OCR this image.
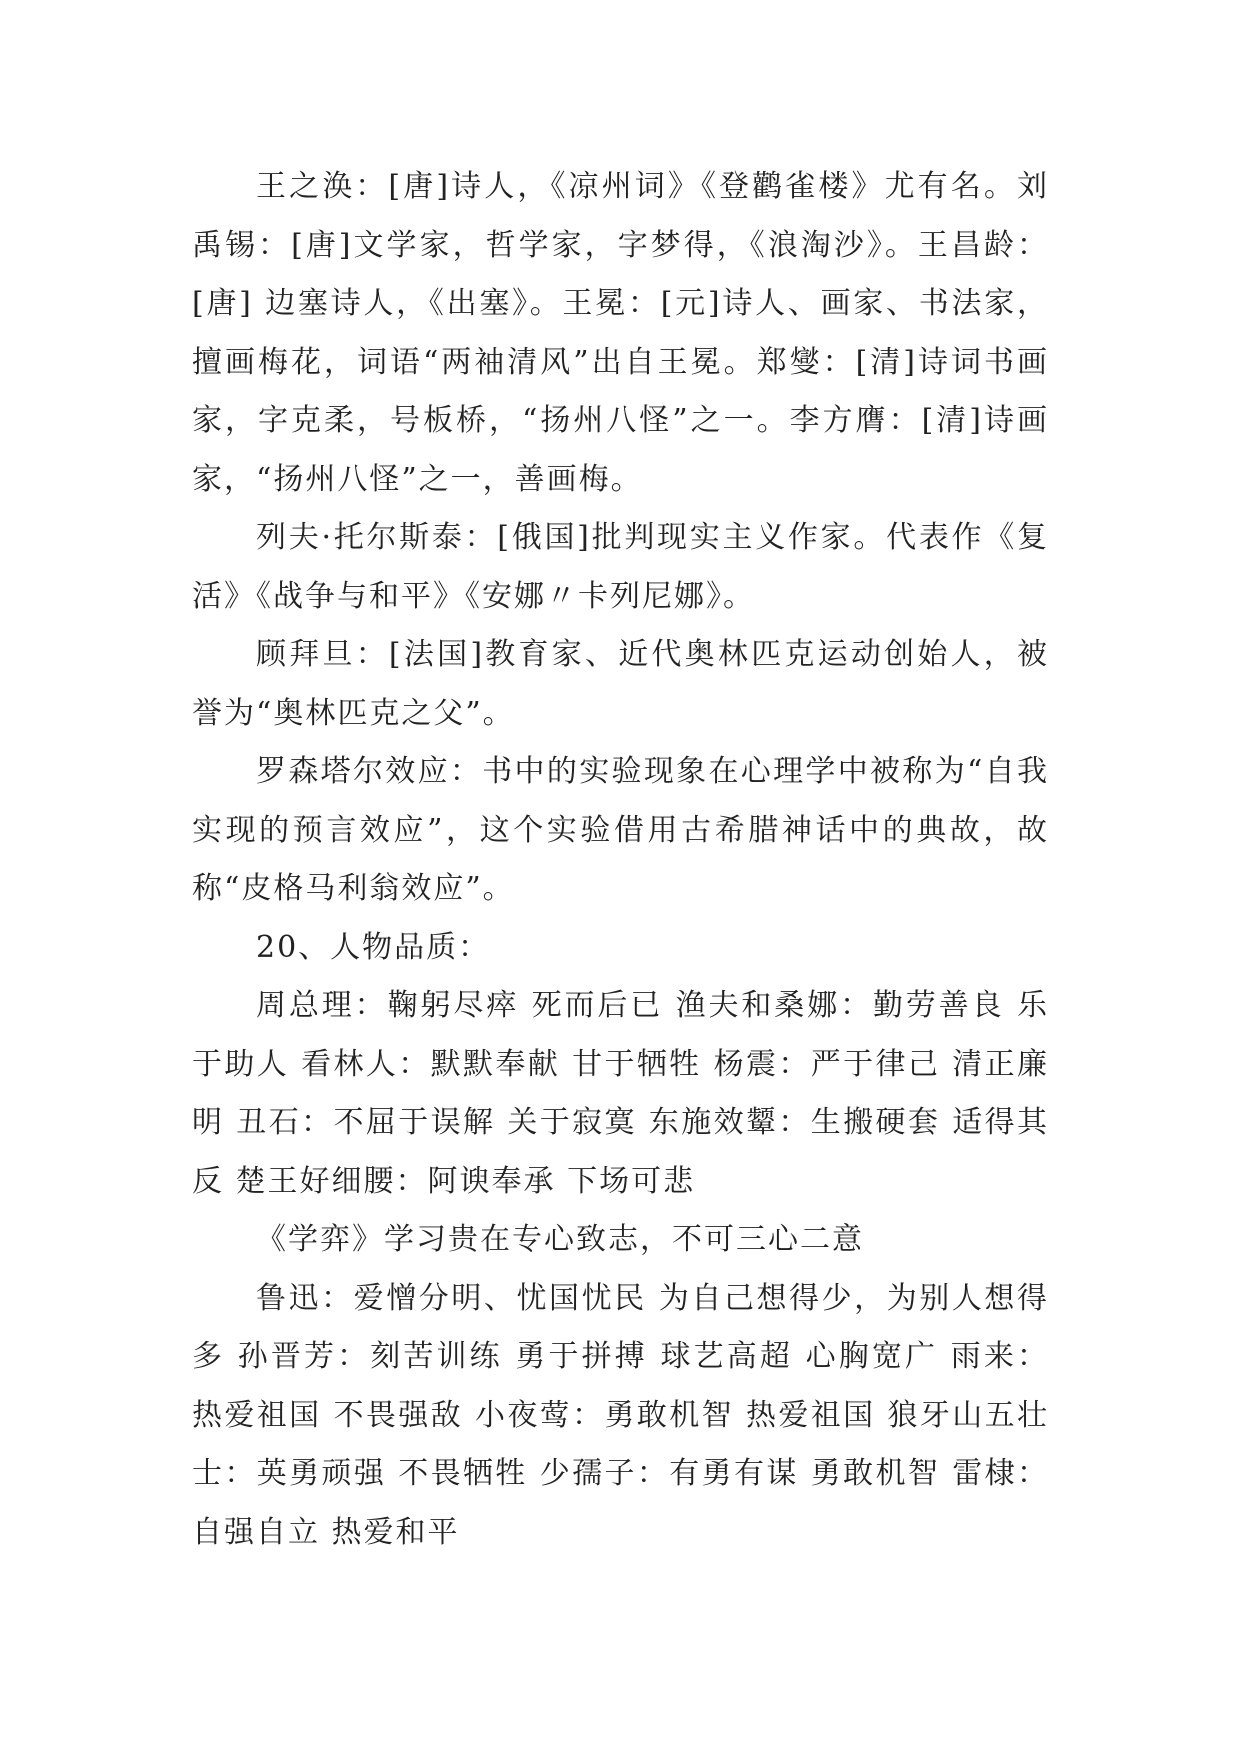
王之涣：[唐]诗人，《凉州词》《登鹳雀楼》尤有名。刘禹锡：[唐]文学家，哲学家，字梦得，《浪淘沙》。王昌龄：[唐] 边塞诗人，《出塞》。王冕：[元]诗人、画家、书法家，擅画梅花，词语“两袖清风”出自王冕。郑燮：[清]诗词书画家，字克柔，号板桥，“扬州八怪”之一。李方膺：[清]诗画家，“扬州八怪”之一，善画梅。

列夫·托尔斯泰：[俄国]批判现实主义作家。代表作《复活》《战争与和平》《安娜〃卡列尼娜》。

顾拜旦：[法国]教育家、近代奥林匹克运动创始人，被誉为“奥林匹克之父”。

罗森塔尔效应：书中的实验现象在心理学中被称为“自我实现的预言效应”，这个实验借用古希腊神话中的典故，故称“皮格马利翁效应”。

20、人物品质：

周总理：鞠躬尽瘁 死而后已 渔夫和桑娜：勤劳善良 乐于助人 看林人：默默奉献 甘于牺牲 杨震：严于律己 清正廉明 丑石：不屈于误解 关于寂寞 东施效颦：生搬硬套 适得其反 楚王好细腰：阿谀奉承 下场可悲

《学弈》学习贵在专心致志，不可三心二意

鲁迅：爱憎分明、忧国忧民 为自己想得少，为别人想得多 孙晋芳：刻苦训练 勇于拼搏 球艺高超 心胸宽广 雨来：热爱祖国 不畏强敌 小夜莺：勇敢机智 热爱祖国 狼牙山五壮士：英勇顽强 不畏牺牲 少孺子：有勇有谋 勇敢机智 雷棣：自强自立 热爱和平
